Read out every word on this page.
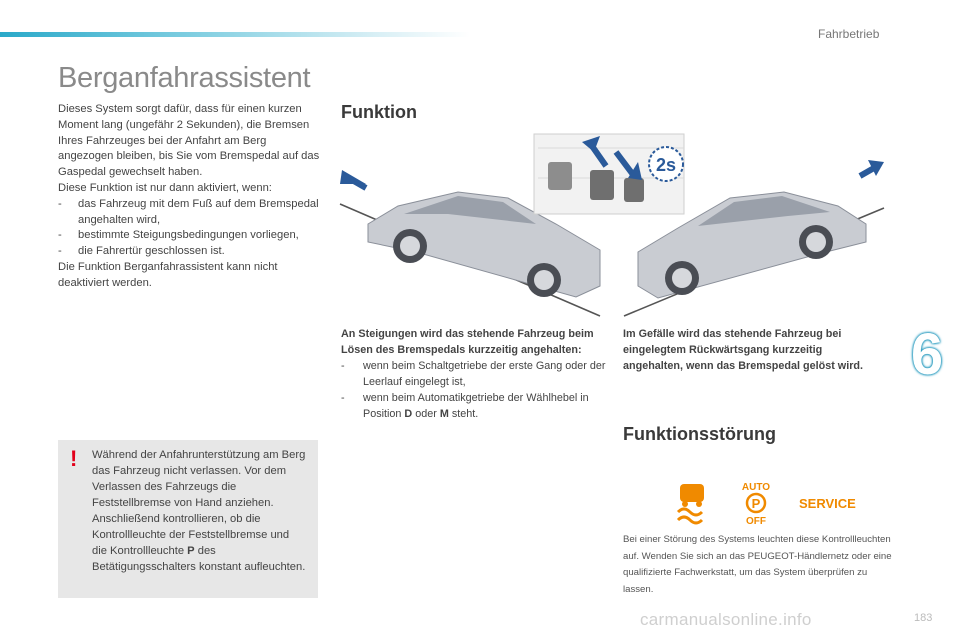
Fahrbetrieb
Berganfahrassistent

Dieses System sorgt dafür, dass für einen kurzen Moment lang (ungefähr 2 Sekunden), die Bremsen Ihres Fahrzeuges bei der Anfahrt am Berg angezogen bleiben, bis Sie vom Bremspedal auf das Gaspedal gewechselt haben.

Diese Funktion ist nur dann aktiviert, wenn:

- das Fahrzeug mit dem Fuß auf dem Bremspedal angehalten wird,

- bestimmte Steigungsbedingungen vorliegen,

- die Fahrertür geschlossen ist.

Die Funktion Berganfahrassistent kann nicht deaktiviert werden.

! Während der Anfahrunterstützung am Berg das Fahrzeug nicht verlassen. Vor dem Verlassen des Fahrzeugs die Feststellbremse von Hand anziehen. Anschließend kontrollieren, ob die Kontrollleuchte der Feststellbremse und die Kontrollleuchte P des Betätigungsschalters konstant aufleuchten.
Funktion
2s

An Steigungen wird das stehende Fahrzeug beim Lösen des Bremspedals kurzzeitig angehalten:

- wenn beim Schaltgetriebe der erste Gang oder der Leerlauf eingelegt ist,

- wenn beim Automatikgetriebe der Wählhebel in Position D oder M steht.

Im Gefälle wird das stehende Fahrzeug bei eingelegtem Rückwärtsgang kurzzeitig angehalten, wenn das Bremspedal gelöst wird.
Funktionsstörung
AUTO
P
OFF
SERVICE
Bei einer Störung des Systems leuchten diese Kontrollleuchten auf. Wenden Sie sich an das PEUGEOT-Händlernetz oder eine qualifizierte Fachwerkstatt, um das System überprüfen zu lassen.
6
carmanualsonline.info	183
